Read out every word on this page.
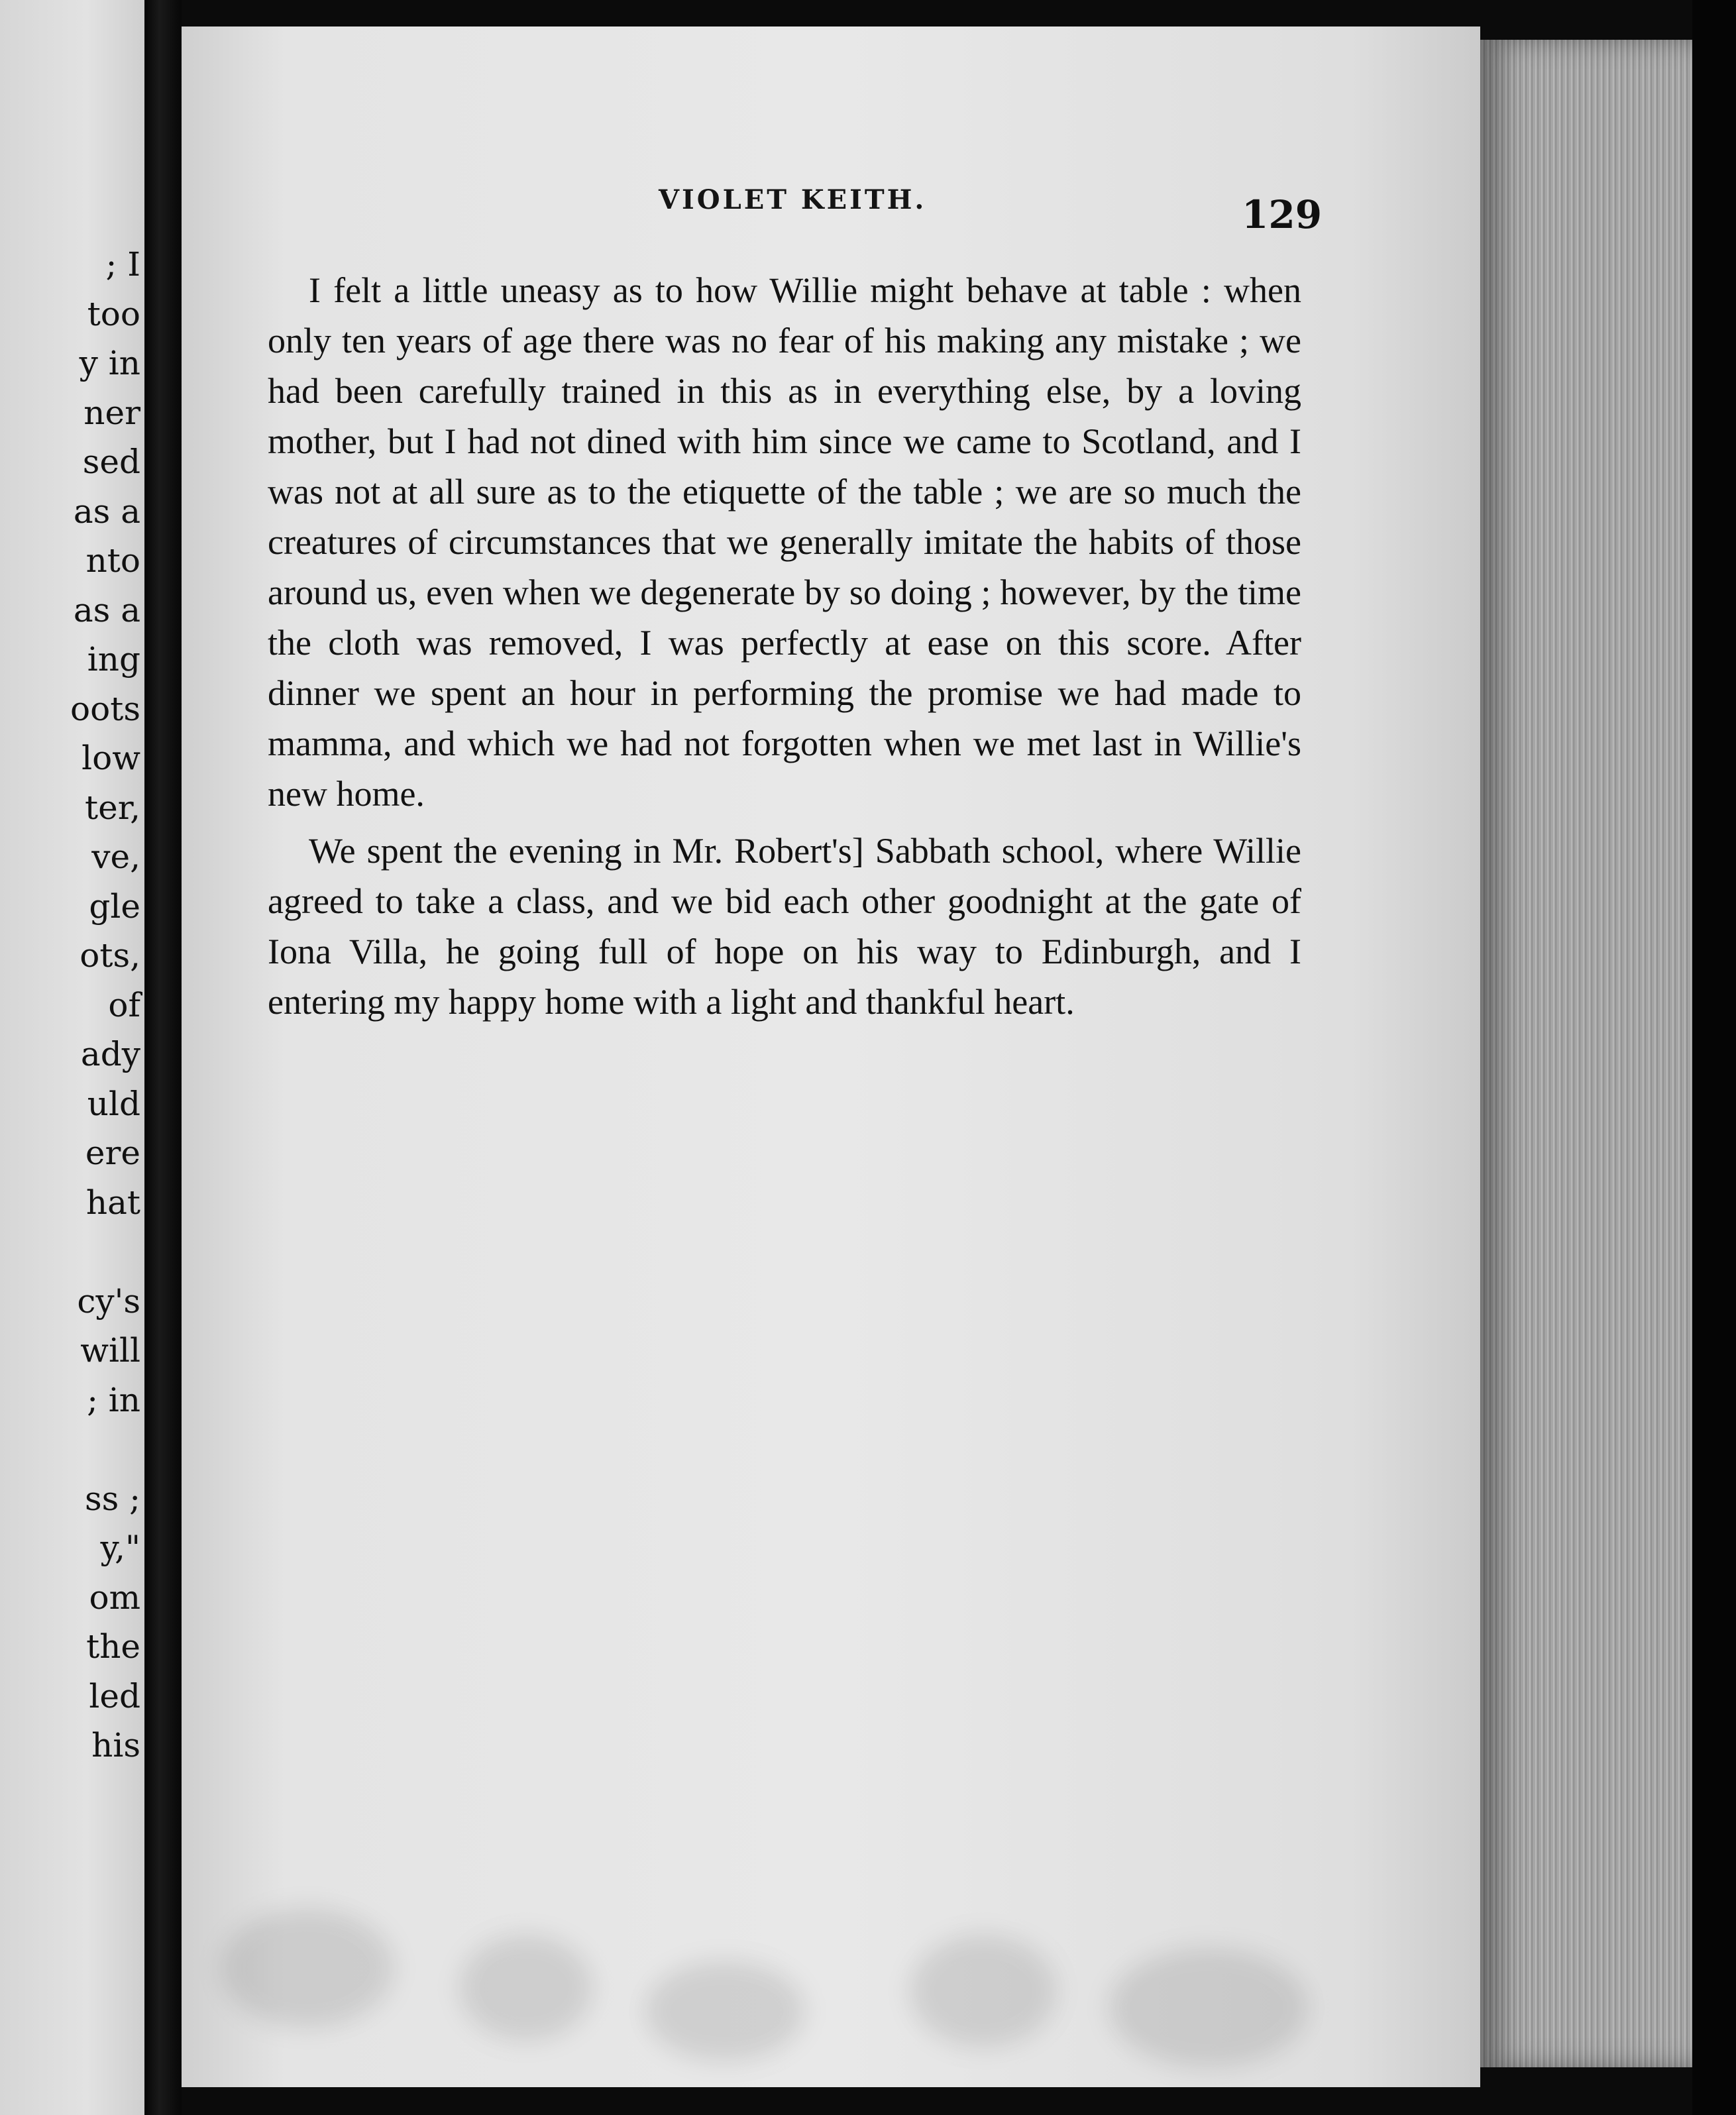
; I
too
y in
ner
sed
as a
nto
as a
ing
oots
low
ter,
ve,
gle
ots,
of
ady
uld
ere
hat
cy's
will
; in
ss ;
y,"
om
the
led
his
VIOLET KEITH.	129

I felt a little uneasy as to how Willie might behave at table : when only ten years of age there was no fear of his making any mistake ; we had been carefully trained in this as in everything else, by a loving mother, but I had not dined with him since we came to Scotland, and I was not at all sure as to the etiquette of the table ; we are so much the creatures of circumstances that we generally imitate the habits of those around us, even when we degenerate by so doing ; however, by the time the cloth was removed, I was perfectly at ease on this score. After dinner we spent an hour in performing the promise we had made to mamma, and which we had not forgotten when we met last in Willie's new home.

We spent the evening in Mr. Robert's] Sabbath school, where Willie agreed to take a class, and we bid each other goodnight at the gate of Iona Villa, he going full of hope on his way to Edinburgh, and I entering my happy home with a light and thankful heart.
